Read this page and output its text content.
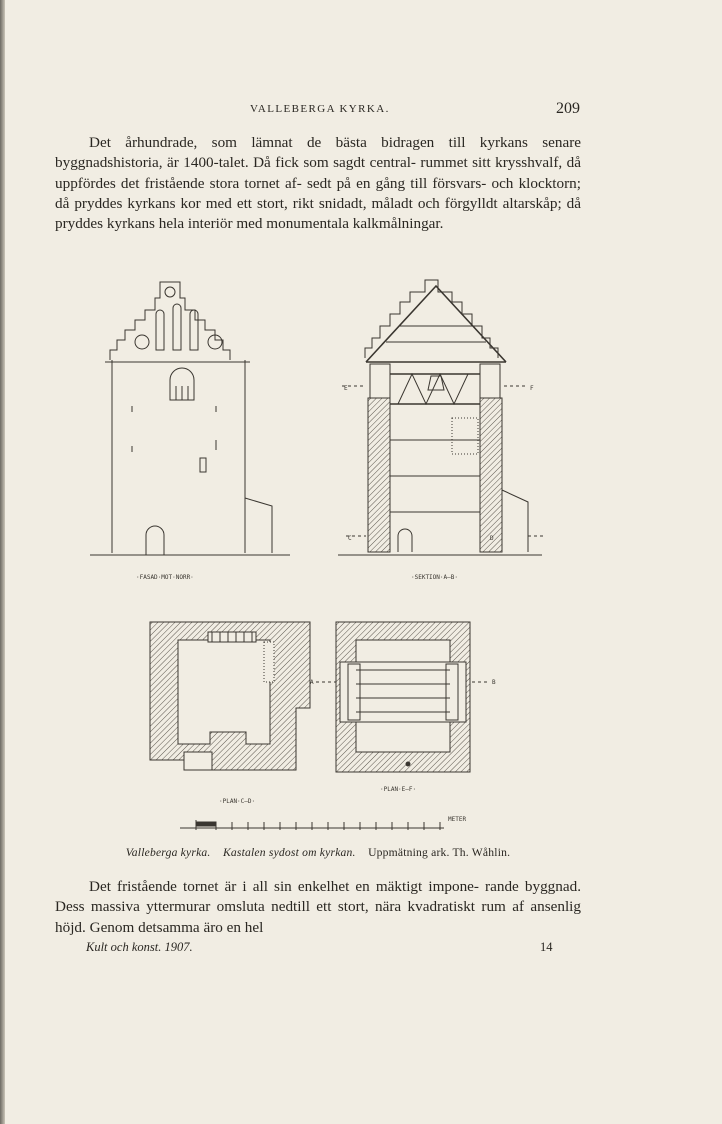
VALLEBERGA KYRKA.	209

Det århundrade, som lämnat de bästa bidragen till kyrkans senare byggnadshistoria, är 1400-talet. Då fick som sagdt central- rummet sitt krysshvalf, då uppfördes det fristående stora tornet af- sedt på en gång till försvars- och klocktorn; då pryddes kyrkans kor med ett stort, rikt snidadt, måladt och förgylldt altarskåp; då pryddes kyrkans hela interiör med monumentala kalkmålningar.

·FASAD·MOT·NORR·	·SEKTION·A–B·
·PLAN·C–D·
·PLAN·E–F·
METER
E	F
C	D
A	B
Valleberga kyrka. Kastalen sydost om kyrkan. Uppmätning ark. Th. Wåhlin.

Det fristående tornet är i all sin enkelhet en mäktigt impone- rande byggnad. Dess massiva yttermurar omsluta nedtill ett stort, nära kvadratiskt rum af ansenlig höjd. Genom detsamma äro en hel

Kult och konst. 1907.	14
